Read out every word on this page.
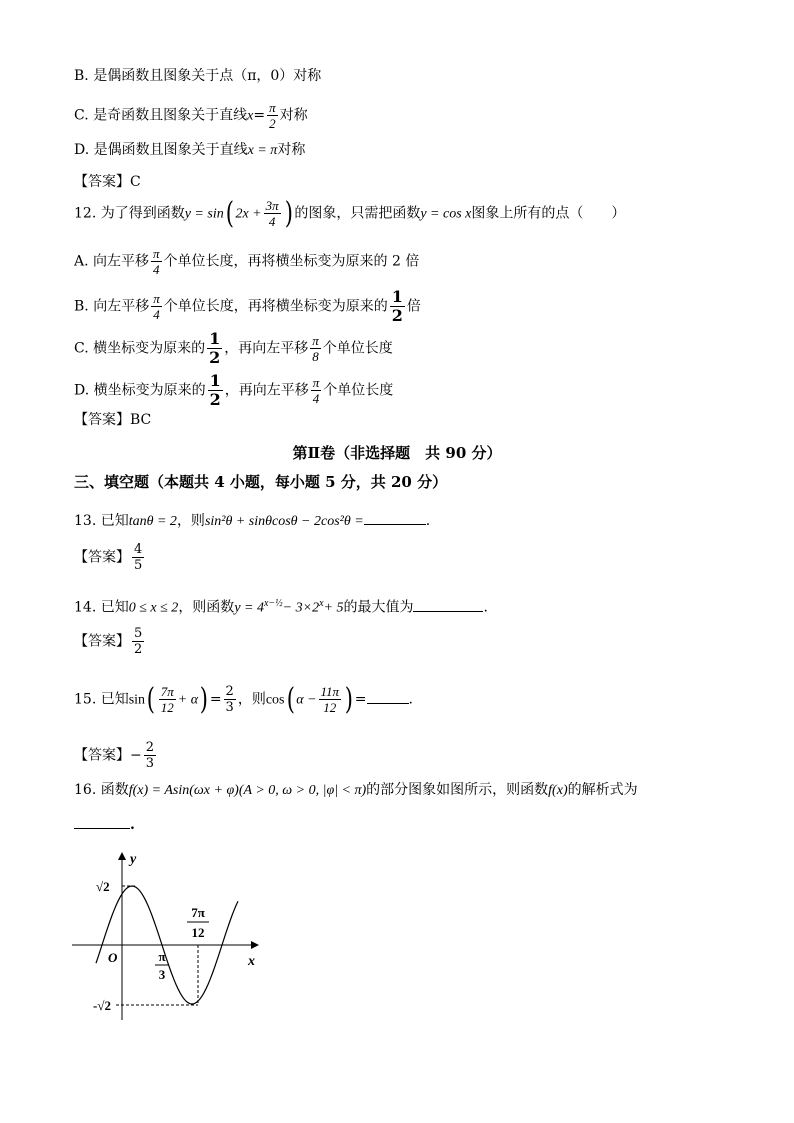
B. 是偶函数且图象关于点（π，0）对称
C. 是奇函数且图象关于直线$x= \frac{\pi}{2}$ 对称
D. 是偶函数且图象关于直线x = π对称
【答案】C
12. 为了得到函数y = sin( $2x + \frac{3\pi}{4}$ ) 的图象，只需把函数y = cos x图象上所有的点（　　）
A. 向左平移 $\frac{\pi}{4}$ 个单位长度，再将横坐标变为原来的 2 倍
B. 向左平移 $\frac{\pi}{4}$ 个单位长度，再将横坐标变为原来的 $\frac{1}{2}$ 倍
C. 横坐标变为原来的 $\frac{1}{2}$ ，再向左平移 $\frac{\pi}{8}$ 个单位长度
D. 横坐标变为原来的 $\frac{1}{2}$ ，再向左平移 $\frac{\pi}{4}$ 个单位长度
【答案】BC
第Ⅱ卷（非选择题　共 90 分）
三、填空题（本题共 4 小题，每小题 5 分，共 20 分）
13. 已知tanθ = 2，则sin²θ + sinθcosθ − 2cos²θ =	.
【答案】 $\frac{4}{5}$
14. 已知0 ≤ x ≤ 2，则函数$y = 4^{x-\frac{1}{2}}- 3\times 2^x+ 5$的最大值为	.
【答案】 $\frac{5}{2}$
15. 已知$\sin( \frac{7\pi}{12} + \alpha) = \frac{2}{3}$ ，则cos( $\alpha - \frac{11\pi}{12}$ ) =	.
【答案】− $\frac{2}{3}$
16. 函数f(x) = Asin(ωx + φ)(A > 0, ω > 0, |φ| < π)的部分图象如图所示，则函数f(x)的解析式为
.
y
x
O
√2
-√2
π
3
7π
12
